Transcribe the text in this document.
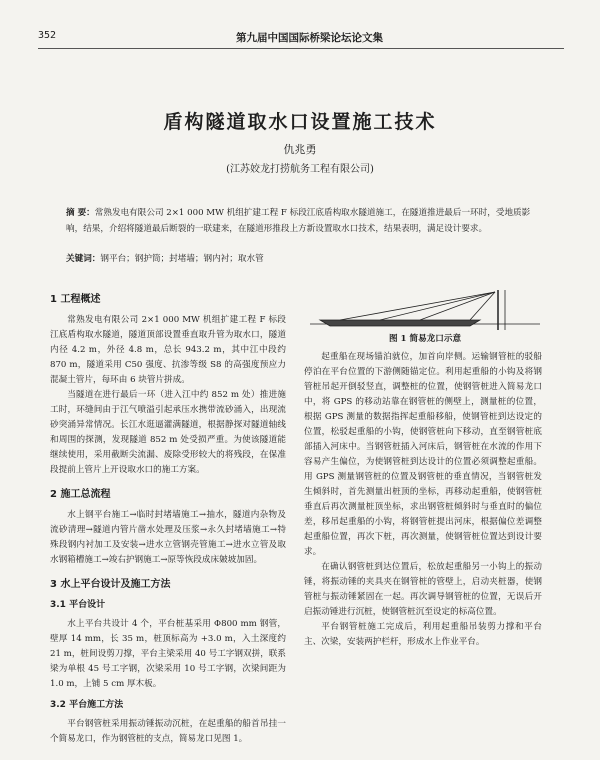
352	第九届中国国际桥梁论坛论文集
盾构隧道取水口设置施工技术
仇兆勇
(江苏姣龙打捞航务工程有限公司)
摘 要：常熟发电有限公司 2×1 000 MW 机组扩建工程 F 标段江底盾构取水隧道施工，在隧道推进最后一环时，受地质影响，结果，介绍将隧道最后断裂的一联建来，在隧道形推段上方新设置取水口技术，结果表明，满足设计要求。
关键词：钢平台；钢护筒；封堵墙；钢内衬；取水管
1 工程概述

常熟发电有限公司 2×1 000 MW 机组扩建工程 F 标段江底盾构取水隧道，隧道顶部设置垂直取升管为取水口，隧道内径 4.2 m，外径 4.8 m，总长 943.2 m，其中江中段约 870 m，隧道采用 C50 强度、抗渗等级 S8 的高强度预应力混凝土管片，每环由 6 块管片拼成。

当隧道在进行最后一环（进入江中约 852 m 处）推进施工时，环缝间由于江气喷溢引起承压水携带流砂涌入，出现流砂突涌异常情况。长江水逛逼灌满隧道，根据静探对隧道轴线和周围的探测，发现隧道 852 m 处受损严重。为使该隧道能继续使用，采用截断尖流漏、废除受形较大的将残段，在保准段提前上管片上开设取水口的施工方案。

2 施工总流程

水上钢平台施工→临时封堵墙施工→抽水，隧道内杂物及流砂清理→隧道内管片凿水处理及压浆→永久封堵墙施工→特殊段钢内衬加工及安装→进水立管钢壳管施工→进水立管及取水钢箱槽施工→竣右护钢施工→原等恢段成床皴坡加固。

3 水上平台设计及施工方法
3.1 平台设计

水上平台共设计 4 个，平台桩基采用 Φ800 mm 钢管，壁厚 14 mm，长 35 m，桩顶标高为 +3.0 m，入土深度约 21 m，桩间设剪刀撑，平台主梁采用 40 号工字钢双拼，联系梁为单根 45 号工字钢，次梁采用 10 号工字钢，次梁间距为 1.0 m，上铺 5 cm 厚木板。

3.2 平台施工方法

平台钢管桩采用振动锤振动沉桩，在起重船的船首吊挂一个简易龙口，作为钢管桩的支点，简易龙口见图 1。

图 1 简易龙口示意

起重船在现场锚泊就位，加首向岸侧。运输钢管桩的驳船停泊在平台位置的下游侧随锚定位。利用起重船的小钩及将钢管桩吊起开倒驳竖直，调整桩的位置，使钢管桩进入简易龙口中，将 GPS 的移动站靠在钢管桩的侧壁上，测量桩的位置，根据 GPS 测量的数据指挥起重船移船，使钢管桩到达设定的位置，松驳起重船的小钩，使钢管桩向下移动，直至钢管桩底部插入河床中。当钢管桩插入河床后，钢管桩在水流的作用下容易产生偏位，为使钢管桩到达设计的位置必须调整起重船。用 GPS 测量钢管桩的位置及钢管桩的垂直情况，当钢管桩发生倾斜时，首先测量出桩顶的坐标，再移动起重船，使钢管桩垂直后再次测量桩顶坐标，求出钢管桩倾斜时与垂直时的偏位差，移吊起重船的小钩，将钢管桩提出河床，根据偏位差调整起重船位置，再次下桩，再次测量，使钢管桩位置达到设计要求。

在确认钢管桩到达位置后，松放起重船另一小钩上的振动锤，将振动锤的夹具夹在钢管桩的管壁上，启动夹桩器，使钢管桩与振动锤紧固在一起。再次调导钢管桩的位置，无误后开启振动锤进行沉桩，使钢管桩沉至设定的标高位置。

平台钢管桩施工完成后，利用起重船吊装剪力撑和平台主、次梁，安装两护栏杆，形成水上作业平台。
